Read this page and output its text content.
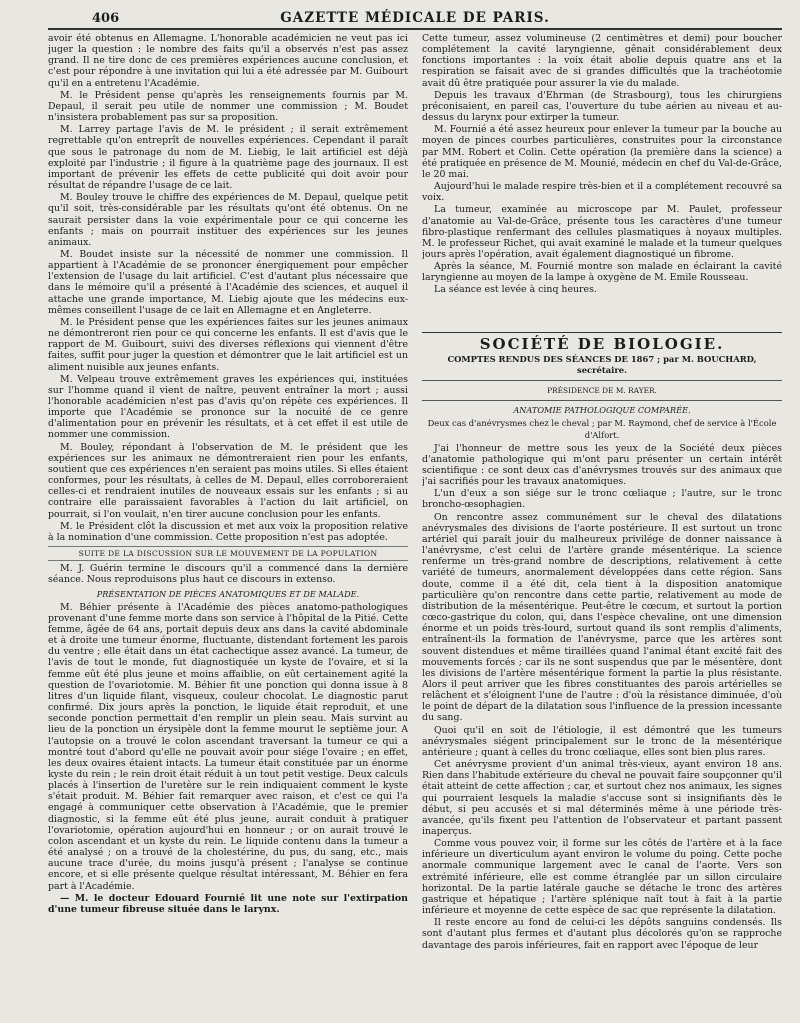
406	GAZETTE MÉDICALE DE PARIS.

avoir été obtenus en Allemagne. L'honorable académicien ne veut pas ici juger la question : le nombre des faits qu'il a observés n'est pas assez grand. Il ne tire donc de ces premières expériences aucune conclusion, et c'est pour répondre à une invitation qui lui a été adressée par M. Guibourt qu'il en a entretenu l'Académie.

M. le Président pense qu'après les renseignements fournis par M. Depaul, il serait peu utile de nommer une commission ; M. Boudet n'insistera probablement pas sur sa proposition.

M. Larrey partage l'avis de M. le président ; il serait extrêmement regrettable qu'on entreprît de nouvelles expériences. Cependant il paraît que sous le patronage du nom de M. Liebig, le lait artificiel est déjà exploité par l'industrie ; il figure à la quatrième page des journaux. Il est important de prévenir les effets de cette publicité qui doit avoir pour résultat de répandre l'usage de ce lait.

M. Bouley trouve le chiffre des expériences de M. Depaul, quelque petit qu'il soit, très-considérable par les résultats qu'ont été obtenus. On ne saurait persister dans la voie expérimentale pour ce qui concerne les enfants ; mais on pourrait instituer des expériences sur les jeunes animaux.

M. Boudet insiste sur la nécessité de nommer une commission. Il appartient à l'Académie de se prononcer énergiquement pour empêcher l'extension de l'usage du lait artificiel. C'est d'autant plus nécessaire que dans le mémoire qu'il a présenté à l'Académie des sciences, et auquel il attache une grande importance, M. Liebig ajoute que les médecins eux-mêmes conseillent l'usage de ce lait en Allemagne et en Angleterre.

M. le Président pense que les expériences faites sur les jeunes animaux ne démontreront rien pour ce qui concerne les enfants. Il est d'avis que le rapport de M. Guibourt, suivi des diverses réflexions qui viennent d'être faites, suffit pour juger la question et démontrer que le lait artificiel est un aliment nuisible aux jeunes enfants.

M. Velpeau trouve extrêmement graves les expériences qui, instituées sur l'homme quand il vient de naître, peuvent entraîner la mort ; aussi l'honorable académicien n'est pas d'avis qu'on répète ces expériences. Il importe que l'Académie se prononce sur la nocuité de ce genre d'alimentation pour en prévenir les résultats, et à cet effet il est utile de nommer une commission.

M. Bouley, répondant à l'observation de M. le président que les expériences sur les animaux ne démontreraient rien pour les enfants, soutient que ces expériences n'en seraient pas moins utiles. Si elles étaient conformes, pour les résultats, à celles de M. Depaul, elles corroboreraient celles-ci et rendraient inutiles de nouveaux essais sur les enfants ; si au contraire elle paraissaient favorables à l'action du lait artificiel, on pourrait, si l'on voulait, n'en tirer aucune conclusion pour les enfants.

M. le Président clôt la discussion et met aux voix la proposition relative à la nomination d'une commission. Cette proposition n'est pas adoptée.

SUITE DE LA DISCUSSION SUR LE MOUVEMENT DE LA POPULATION

M. J. Guérin termine le discours qu'il a commencé dans la dernière séance. Nous reproduisons plus haut ce discours in extenso.

PRÉSENTATION DE PIÈCES ANATOMIQUES ET DE MALADE.

M. Béhier présente à l'Académie des pièces anatomo-pathologiques provenant d'une femme morte dans son service à l'hôpital de la Pitié. Cette femme, âgée de 64 ans, portait depuis deux ans dans la cavité abdominale et à droite une tumeur énorme, fluctuante, distendant fortement les parois du ventre ; elle était dans un état cachectique assez avancé. La tumeur, de l'avis de tout le monde, fut diagnostiquée un kyste de l'ovaire, et si la femme eût été plus jeune et moins affaiblie, on eût certainement agité la question de l'ovariotomie. M. Béhier fit une ponction qui donna issue à 8 litres d'un liquide filant, visqueux, couleur chocolat. Le diagnostic parut confirmé. Dix jours après la ponction, le liquide était reproduit, et une seconde ponction permettait d'en remplir un plein seau. Mais survint au lieu de la ponction un érysipèle dont la femme mourut le septième jour. A l'autopsie on a trouvé le colon ascendant traversant la tumeur ce qui a montré tout d'abord qu'elle ne pouvait avoir pour siége l'ovaire ; en effet, les deux ovaires étaient intacts. La tumeur était constituée par un énorme kyste du rein ; le rein droit était réduit à un tout petit vestige. Deux calculs placés à l'insertion de l'uretère sur le rein indiquaient comment le kyste s'était produit. M. Béhier fait remarquer avec raison, et c'est ce qui l'a engagé à communiquer cette observation à l'Académie, que le premier diagnostic, si la femme eût été plus jeune, aurait conduit à pratiquer l'ovariotomie, opération aujourd'hui en honneur ; or on aurait trouvé le colon ascendant et un kyste du rein. Le liquide contenu dans la tumeur a été analysé ; on a trouvé de la cholestérine, du pus, du sang, etc., mais aucune trace d'urée, du moins jusqu'à présent ; l'analyse se continue encore, et si elle présente quelque résultat intéressant, M. Béhier en fera part à l'Académie.

— M. le docteur Edouard Fournié lit une note sur l'extirpation d'une tumeur fibreuse située dans le larynx.

Cette tumeur, assez volumineuse (2 centimètres et demi) pour boucher complétement la cavité laryngienne, gênait considérablement deux fonctions importantes : la voix était abolie depuis quatre ans et la respiration se faisait avec de si grandes difficultés que la trachéotomie avait dû être pratiquée pour assurer la vie du malade.

Depuis les travaux d'Ehrman (de Strasbourg), tous les chirurgiens préconisaient, en pareil cas, l'ouverture du tube aérien au niveau et au-dessus du larynx pour extirper la tumeur.

M. Fournié a été assez heureux pour enlever la tumeur par la bouche au moyen de pinces courbes particulières, construites pour la circonstance par MM. Robert et Colin. Cette opération (la première dans la science) a été pratiquée en présence de M. Mounié, médecin en chef du Val-de-Grâce, le 20 mai.

Aujourd'hui le malade respire très-bien et il a complétement recouvré sa voix.

La tumeur, examinée au microscope par M. Paulet, professeur d'anatomie au Val-de-Grâce, présente tous les caractères d'une tumeur fibro-plastique renfermant des cellules plasmatiques à noyaux multiples. M. le professeur Richet, qui avait examiné le malade et la tumeur quelques jours après l'opération, avait également diagnostiqué un fibrome.

Après la séance, M. Fournié montre son malade en éclairant la cavité laryngienne au moyen de la lampe à oxygène de M. Emile Rousseau.

La séance est levée à cinq heures.

SOCIÉTÉ DE BIOLOGIE.
COMPTES RENDUS DES SÉANCES DE 1867 ; par M. BOUCHARD, secrétaire.
PRÉSIDENCE DE M. RAYER.
ANATOMIE PATHOLOGIQUE COMPARÉE.
Deux cas d'anévrysmes chez le cheval ; par M. Raymond, chef de service à l'École d'Alfort.

J'ai l'honneur de mettre sous les yeux de la Société deux pièces d'anatomie pathologique qui m'ont paru présenter un certain intérêt scientifique : ce sont deux cas d'anévrysmes trouvés sur des animaux que j'ai sacrifiés pour les travaux anatomiques.

L'un d'eux a son siége sur le tronc cœliaque ; l'autre, sur le tronc broncho-œsophagien.

On rencontre assez communément sur le cheval des dilatations anévrysmales des divisions de l'aorte postérieure. Il est surtout un tronc artériel qui paraît jouir du malheureux privilége de donner naissance à l'anévrysme, c'est celui de l'artère grande mésentérique. La science renferme un très-grand nombre de descriptions, relativement à cette variété de tumeurs, anormalement développées dans cette région. Sans doute, comme il a été dit, cela tient à la disposition anatomique particulière qu'on rencontre dans cette partie, relativement au mode de distribution de la mésentérique. Peut-être le cœcum, et surtout la portion cœco-gastrique du colon, qui, dans l'espèce chevaline, ont une dimension énorme et un poids très-lourd, surtout quand ils sont remplis d'aliments, entraînent-ils la formation de l'anévrysme, parce que les artères sont souvent distendues et même tiraillées quand l'animal étant excité fait des mouvements forcés ; car ils ne sont suspendus que par le mésentère, dont les divisions de l'artère mésentérique forment la partie la plus résistante. Alors il peut arriver que les fibres constituantes des parois artérielles se relâchent et s'éloignent l'une de l'autre : d'où la résistance diminuée, d'où le point de départ de la dilatation sous l'influence de la pression incessante du sang.

Quoi qu'il en soit de l'étiologie, il est démontré que les tumeurs anévrysmales siégent principalement sur le tronc de la mésentérique antérieure ; quant à celles du tronc cœliaque, elles sont bien plus rares.

Cet anévrysme provient d'un animal très-vieux, ayant environ 18 ans. Rien dans l'habitude extérieure du cheval ne pouvait faire soupçonner qu'il était atteint de cette affection ; car, et surtout chez nos animaux, les signes qui pourraient lesquels la maladie s'accuse sont si insignifiants dès le début, si peu accusés et si mal déterminés même à une période très-avancée, qu'ils fixent peu l'attention de l'observateur et partant passent inaperçus.

Comme vous pouvez voir, il forme sur les côtés de l'artère et à la face inférieure un diverticulum ayant environ le volume du poing. Cette poche anormale communique largement avec le canal de l'aorte. Vers son extrémité inférieure, elle est comme étranglée par un sillon circulaire horizontal. De la partie latérale gauche se détache le tronc des artères gastrique et hépatique ; l'artère splénique naît tout à fait à la partie inférieure et moyenne de cette espèce de sac que représente la dilatation.

Il reste encore au fond de celui-ci les dépôts sanguins condensés. Ils sont d'autant plus fermes et d'autant plus décolorés qu'on se rapproche davantage des parois inférieures, fait en rapport avec l'époque de leur
